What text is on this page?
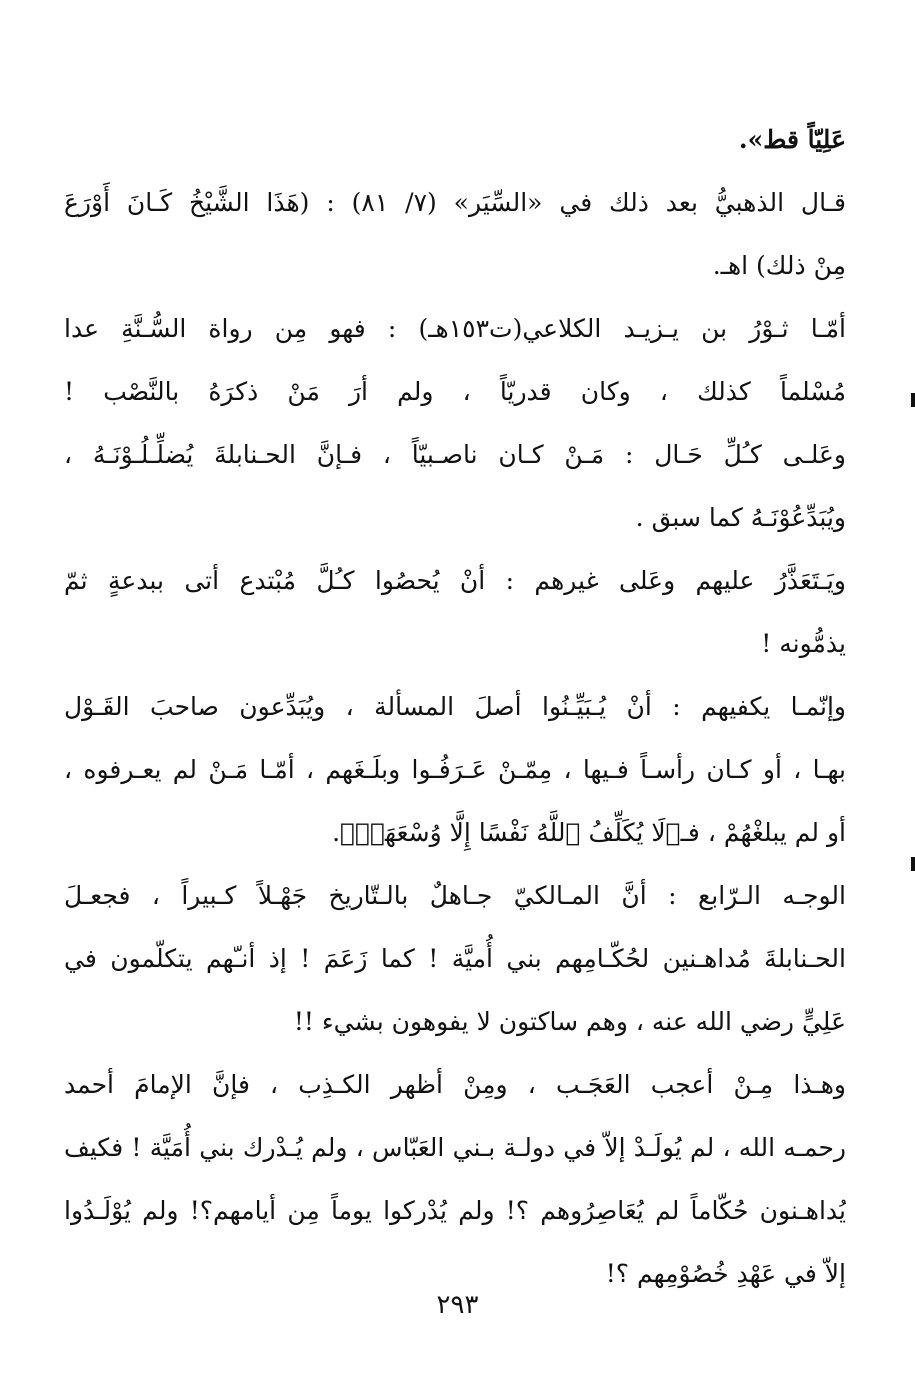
عَلِيّاً قط».
قـال الذهبيُّ بعد ذلك في «السِّيَر» (٧/ ٨١) : (هَذَا الشَّيْخُ كَـانَ أَوْرَعَ
مِنْ ذلك) اهـ.
أمّـا ثـوْرُ بن يـزيـد الكلاعي(ت١٥٣هـ) : فهو مِن رواة السُّـنَّةِ عدا
مُسْلماً كذلك ، وكان قدريّاً ، ولم أرَ مَنْ ذكرَهُ بالنَّصْب !
وعَلـى كـُلِّ حَـال : مَـنْ كـان ناصـبيّاً ، فـإنَّ الحـنابلةَ يُضلِّـلُـوْنَـهُ ،
ويُبَدِّعُوْنَـهُ كما سبق .
ويَـتَعَذَّرُ عليهم وعَلى غيرهم : أنْ يُحصُوا كـُلَّ مُبْتدع أتى ببدعةٍ ثمّ
يذمُّونه !
وإنّمـا يكفيهم : أنْ يُـبَيِّـنُوا أصلَ المسألة ، ويُبَدِّعون صاحبَ القَـوْل
بهـا ، أو كـان رأسـاً فـيها ، مِمّـنْ عَـرَفُـوا وبلَـغَهم ، أمّـا مَـنْ لم يعـرفوه ،
أو لم يبلغْهُمْ ، فـ﴿لَا يُكَلِّفُ ٱللَّهُ نَفْسًا إِلَّا وُسْعَهَاۚ﴾.
الوجـه الـرّابع : أنَّ المـالكيّ جـاهلٌ بالـتّاريخ جَهْـلاً كـبيراً ، فجعـلَ
الحـنابلةَ مُداهـنين لحُكّـامِهم بني أُميَّة ! كما زَعَمَ ! إذ أنـّهم يتكلّمون في
عَلِيٍّ رضي الله عنه ، وهم ساكتون لا يفوهون بشيء !!
وهـذا مِـنْ أعجب العَجَـب ، ومِنْ أظهر الكـذِب ، فإنَّ الإمامَ أحمد
رحمـه الله ، لم يُولَـدْ إلاّ في دولـة بـني العَبّاس ، ولم يُـدْرك بني أُمَيَّة ! فكيف
يُداهـنون حُكّاماً لم يُعَاصِرُوهم ؟! ولم يُدْركوا يوماً مِن أيامهم؟! ولم يُوْلَـدُوا
إلاّ في عَهْدِ خُصُوْمِهم ؟!
٢٩٣
